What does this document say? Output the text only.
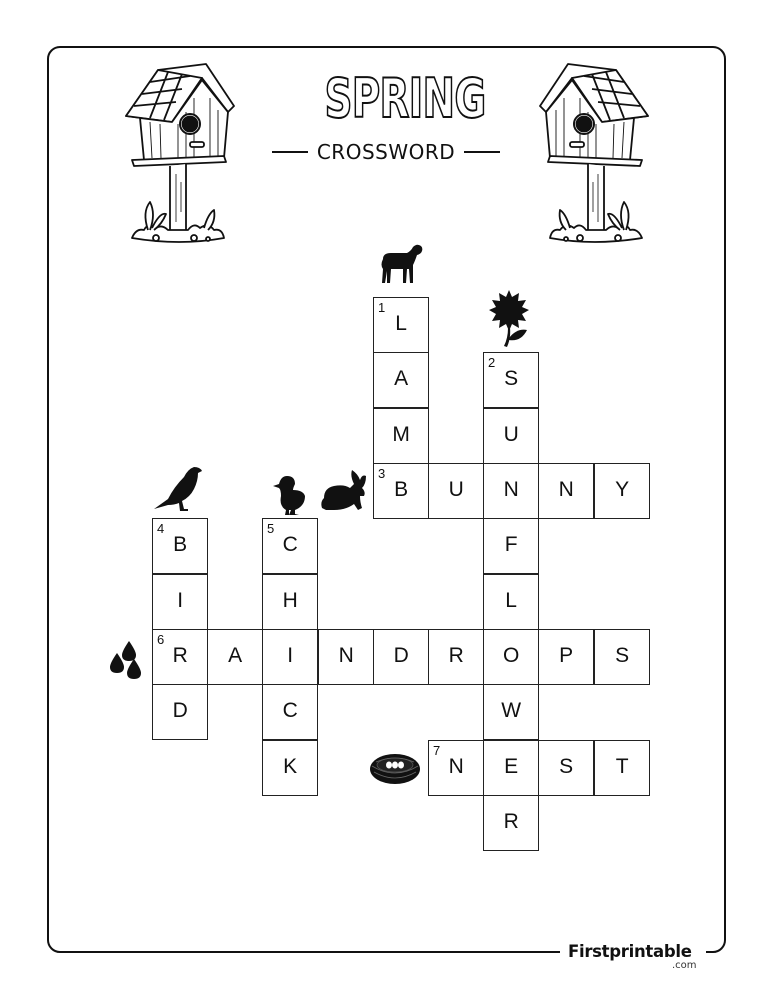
SPRING
CROSSWORD
1
L
A
M
3
B	U	N	N	Y
2
S
U
F
L
W
R
4
B
I
D
5
C
H
C
K
6
R	A	I	N	D	R	O	P	S
7
N	E	S	T
Firstprintable
.com
